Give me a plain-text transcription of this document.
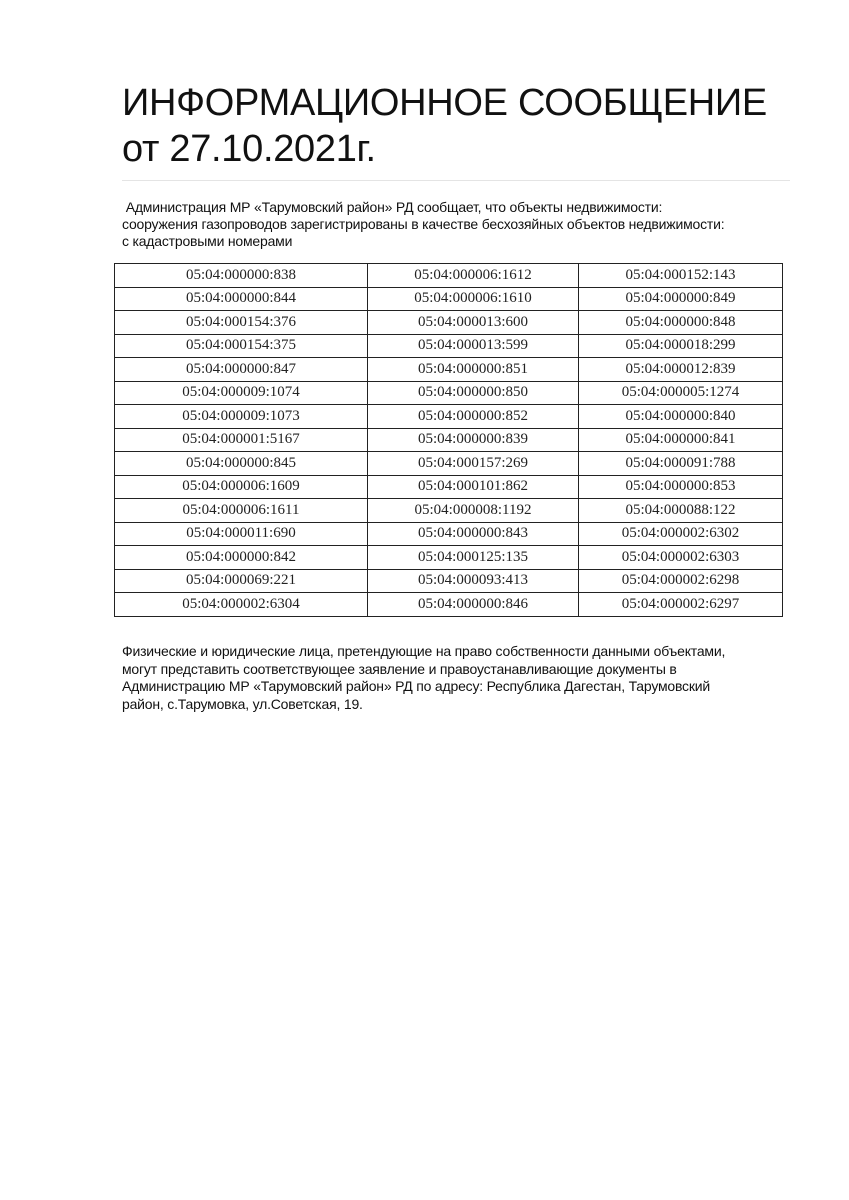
ИНФОРМАЦИОННОЕ СООБЩЕНИЕ
от 27.10.2021г.
Администрация МР «Тарумовский район» РД сообщает, что объекты недвижимости:
сооружения газопроводов зарегистрированы в качестве бесхозяйных объектов недвижимости:
с кадастровыми номерами
05:04:000000:838	05:04:000006:1612	05:04:000152:143
05:04:000000:844	05:04:000006:1610	05:04:000000:849
05:04:000154:376	05:04:000013:600	05:04:000000:848
05:04:000154:375	05:04:000013:599	05:04:000018:299
05:04:000000:847	05:04:000000:851	05:04:000012:839
05:04:000009:1074	05:04:000000:850	05:04:000005:1274
05:04:000009:1073	05:04:000000:852	05:04:000000:840
05:04:000001:5167	05:04:000000:839	05:04:000000:841
05:04:000000:845	05:04:000157:269	05:04:000091:788
05:04:000006:1609	05:04:000101:862	05:04:000000:853
05:04:000006:1611	05:04:000008:1192	05:04:000088:122
05:04:000011:690	05:04:000000:843	05:04:000002:6302
05:04:000000:842	05:04:000125:135	05:04:000002:6303
05:04:000069:221	05:04:000093:413	05:04:000002:6298
05:04:000002:6304	05:04:000000:846	05:04:000002:6297
Физические и юридические лица, претендующие на право собственности данными объектами,
могут представить соответствующее заявление и правоустанавливающие документы в
Администрацию МР «Тарумовский район» РД по адресу: Республика Дагестан, Тарумовский
район, с.Тарумовка, ул.Советская, 19.
